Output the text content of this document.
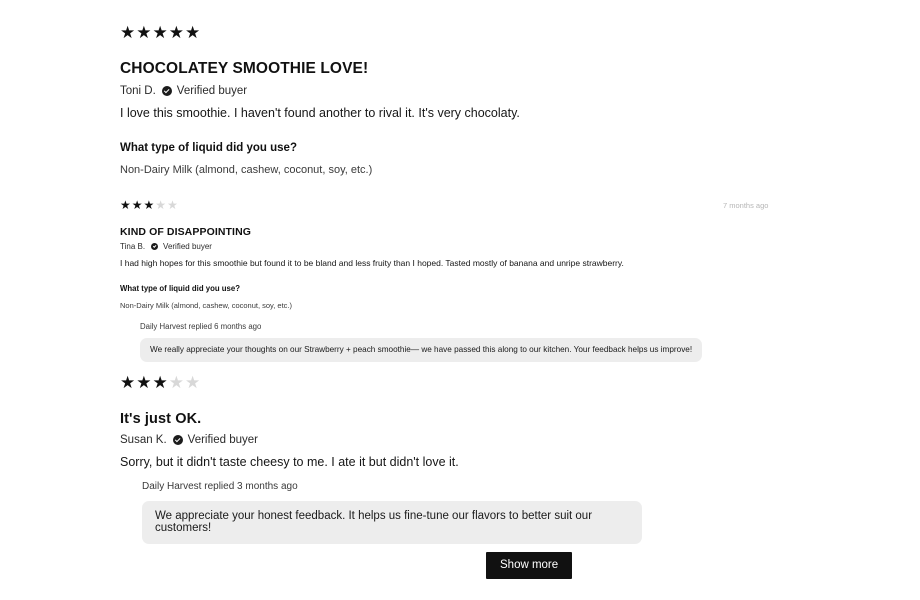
★★★★★
CHOCOLATEY SMOOTHIE LOVE!
Toni D. Verified buyer
I love this smoothie. I haven't found another to rival it. It's very chocolaty.
What type of liquid did you use?
Non-Dairy Milk (almond, cashew, coconut, soy, etc.)
★★★★★
KIND OF DISAPPOINTING
Tina B. Verified buyer
I had high hopes for this smoothie but found it to be bland and less fruity than I hoped. Tasted mostly of banana and unripe strawberry.
What type of liquid did you use?
Non-Dairy Milk (almond, cashew, coconut, soy, etc.)
7 months ago
Daily Harvest replied 6 months ago
We really appreciate your thoughts on our Strawberry + peach smoothie— we have passed this along to our kitchen. Your feedback helps us improve!
★★★★★
It's just OK.
Susan K. Verified buyer
Sorry, but it didn't taste cheesy to me. I ate it but didn't love it.
Daily Harvest replied 3 months ago
We appreciate your honest feedback. It helps us fine-tune our flavors to better suit our customers!
Show more
